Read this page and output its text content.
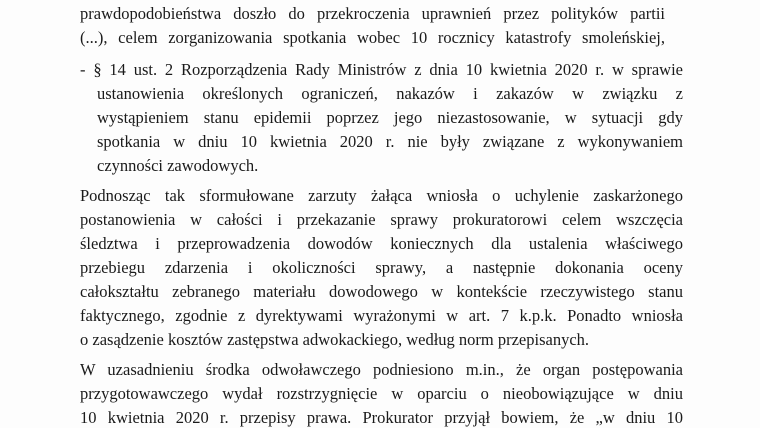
prawdopodobieństwa doszło do przekroczenia uprawnień przez polityków partii
(...), celem zorganizowania spotkania wobec 10 rocznicy katastrofy smoleńskiej,
- § 14 ust. 2 Rozporządzenia Rady Ministrów z dnia 10 kwietnia 2020 r. w sprawie
ustanowienia określonych ograniczeń, nakazów i zakazów w związku z
wystąpieniem stanu epidemii poprzez jego niezastosowanie, w sytuacji gdy
spotkania w dniu 10 kwietnia 2020 r. nie były związane z wykonywaniem
czynności zawodowych.
Podnosząc tak sformułowane zarzuty żałąca wniosła o uchylenie zaskarżonego
postanowienia w całości i przekazanie sprawy prokuratorowi celem wszczęcia
śledztwa i przeprowadzenia dowodów koniecznych dla ustalenia właściwego
przebiegu zdarzenia i okoliczności sprawy, a następnie dokonania oceny
całokształtu zebranego materiału dowodowego w kontekście rzeczywistego stanu
faktycznego, zgodnie z dyrektywami wyrażonymi w art. 7 k.p.k. Ponadto wniosła
o zasądzenie kosztów zastępstwa adwokackiego, według norm przepisanych.
W uzasadnieniu środka odwoławczego podniesiono m.in., że organ postępowania
przygotowawczego wydał rozstrzygnięcie w oparciu o nieobowiązujące w dniu
10 kwietnia 2020 r. przepisy prawa. Prokurator przyjął bowiem, że „w dniu 10
